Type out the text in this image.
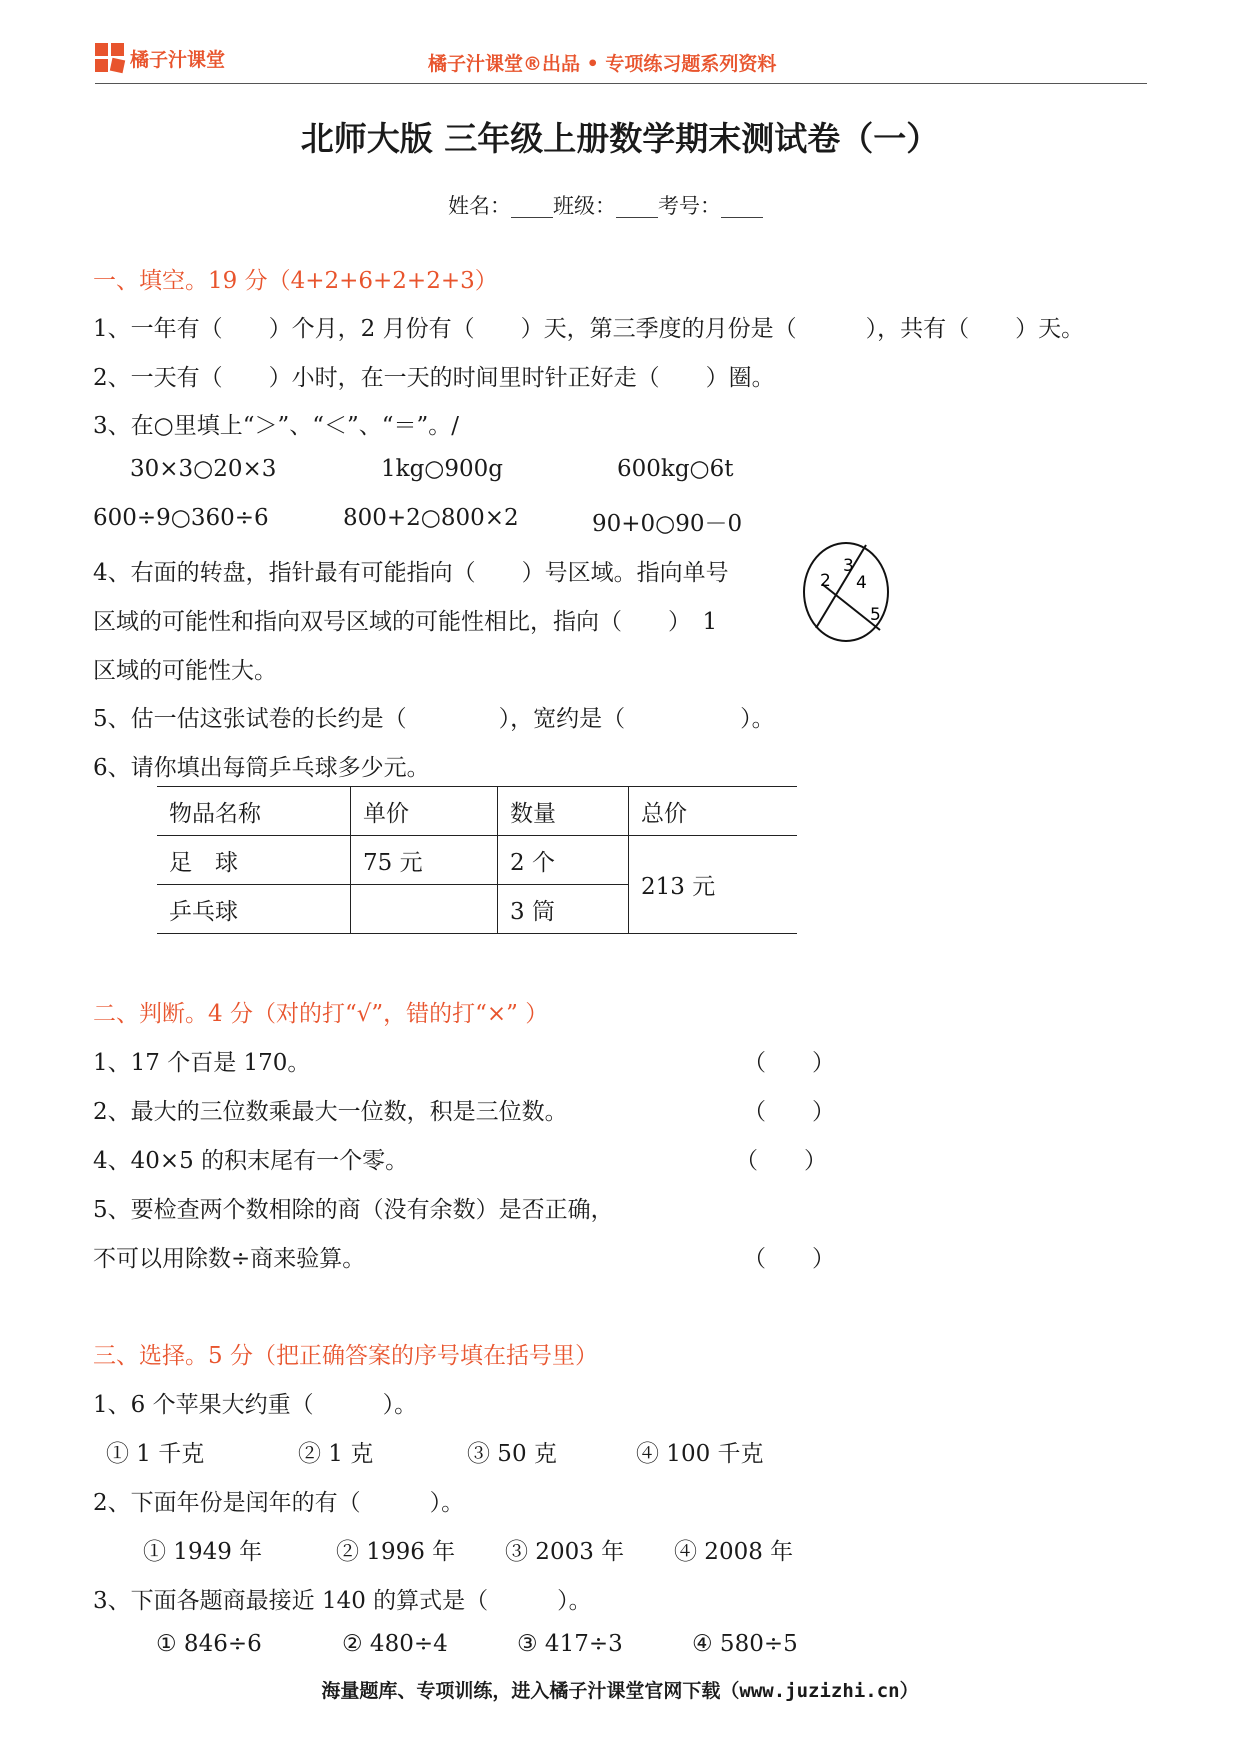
橘子汁课堂	橘子汁课堂®出品 • 专项练习题系列资料
北师大版 三年级上册数学期末测试卷（一）
姓名：____班级：____考号：____
一、填空。19 分（4+2+6+2+2+3）
1、一年有（　　）个月，2 月份有（　　）天，第三季度的月份是（　　　），共有（　　）天。
2、一天有（　　）小时，在一天的时间里时针正好走（　　）圈。
3、在○里填上“＞”、“＜”、“＝”。/
30×3○20×3	1kg○900g	600kg○6t
600÷9○360÷6	800+2○800×2	90+0○90－0
4、右面的转盘，指针最有可能指向（　　）号区域。指向单号
区域的可能性和指向双号区域的可能性相比，指向（　　）　1
区域的可能性大。
2
3
4
5
5、估一估这张试卷的长约是（　　　　），宽约是（　　　　　）。
6、请你填出每筒乒乓球多少元。
物品名称	单价	数量	总价
足　球	75 元	2 个	213 元
乒乓球		3 筒	
二、判断。4 分（对的打“√”，错的打“×” ）
1、17 个百是 170。	（　　）
2、最大的三位数乘最大一位数，积是三位数。	（　　）
4、40×5 的积末尾有一个零。	（　　）
5、要检查两个数相除的商（没有余数）是否正确，
不可以用除数÷商来验算。	（　　）
三、选择。5 分（把正确答案的序号填在括号里）
1、6 个苹果大约重（　　　）。
① 1 千克	② 1 克	③ 50 克	④ 100 千克
2、下面年份是闰年的有（　　　）。
① 1949 年	② 1996 年 ③ 2003 年 ④ 2008 年
3、下面各题商最接近 140 的算式是（　　　）。
① 846÷6	② 480÷4	③ 417÷3	④ 580÷5
海量题库、专项训练，进入橘子汁课堂官网下载（www.juzizhi.cn）
